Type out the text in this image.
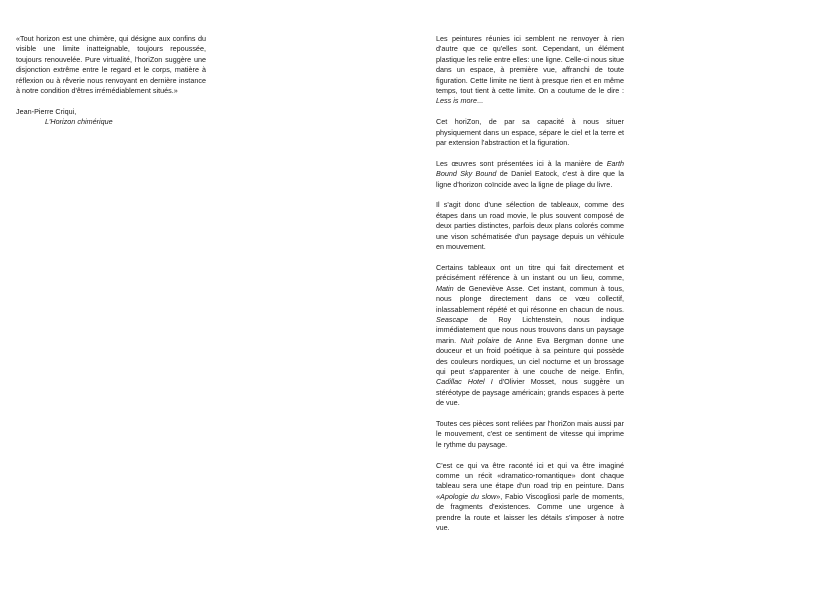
«Tout horizon est une chimère, qui désigne aux confins du visible une limite inatteignable, toujours repoussée, toujours renouvelée. Pure virtualité, l'horiZon suggère une disjonction extrême entre le regard et le corps, matière à réflexion ou à rêverie nous renvoyant en dernière instance à notre condition d'êtres irrémédiablement situés.»

Jean-Pierre Criqui,
L'Horizon chimérique

Les peintures réunies ici semblent ne renvoyer à rien d'autre que ce qu'elles sont. Cependant, un élément plastique les relie entre elles: une ligne. Celle-ci nous situe dans un espace, à première vue, affranchi de toute figuration. Cette limite ne tient à presque rien et en même temps, tout tient à cette limite. On a coutume de le dire : Less is more...

Cet horiZon, de par sa capacité à nous situer physiquement dans un espace, sépare le ciel et la terre et par extension l'abstraction et la figuration.

Les œuvres sont présentées ici à la manière de Earth Bound Sky Bound de Daniel Eatock, c'est à dire que la ligne d'horizon coïncide avec la ligne de pliage du livre.

Il s'agit donc d'une sélection de tableaux, comme des étapes dans un road movie, le plus souvent composé de deux parties distinctes, parfois deux plans colorés comme une vison schématisée d'un paysage depuis un véhicule en mouvement.

Certains tableaux ont un titre qui fait directement et précisément référence à un instant ou un lieu, comme, Matin de Geneviève Asse. Cet instant, commun à tous, nous plonge directement dans ce vœu collectif, inlassablement répété et qui résonne en chacun de nous. Seascape de Roy Lichtenstein, nous indique immédiatement que nous nous trouvons dans un paysage marin. Nuit polaire de Anne Eva Bergman donne une douceur et un froid poétique à sa peinture qui possède des couleurs nordiques, un ciel nocturne et un brossage qui peut s'apparenter à une couche de neige. Enfin, Cadillac Hotel I d'Olivier Mosset, nous suggère un stéréotype de paysage américain; grands espaces à perte de vue.

Toutes ces pièces sont reliées par l'horiZon mais aussi par le mouvement, c'est ce sentiment de vitesse qui imprime le rythme du paysage.

C'est ce qui va être raconté ici et qui va être imaginé comme un récit «dramatico-romantique» dont chaque tableau sera une étape d'un road trip en peinture. Dans «Apologie du slow», Fabio Viscogliosi parle de moments, de fragments d'existences. Comme une urgence à prendre la route et laisser les détails s'imposer à notre vue.
